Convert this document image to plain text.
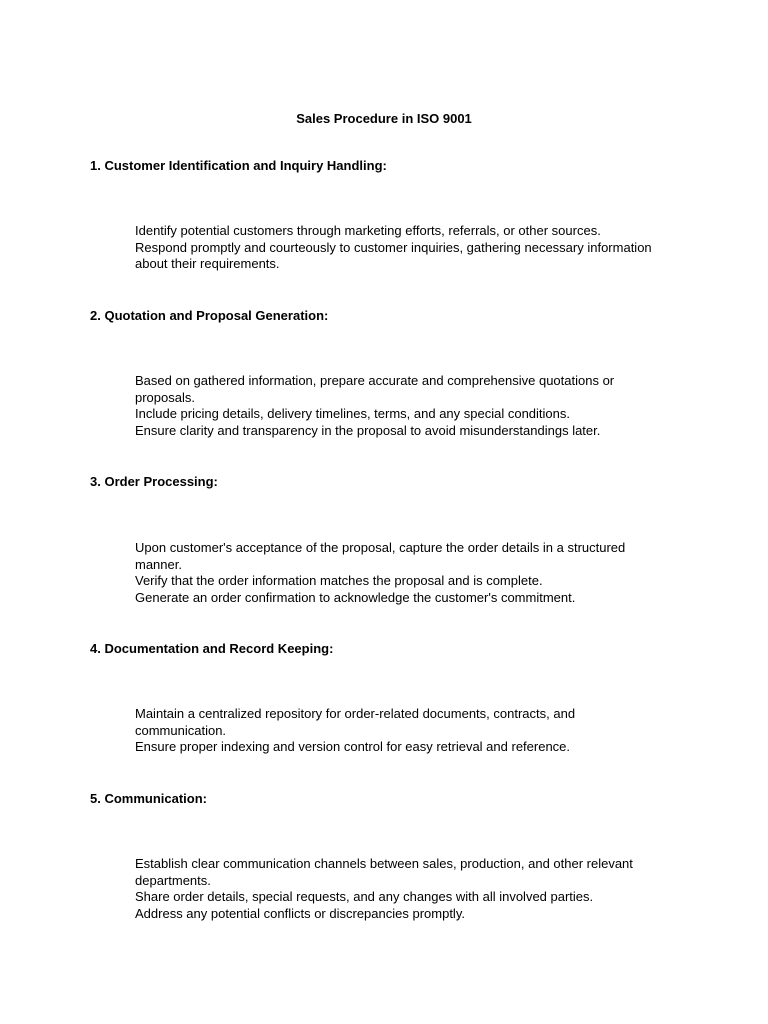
Sales Procedure in ISO 9001
1. Customer Identification and Inquiry Handling:

Identify potential customers through marketing efforts, referrals, or other sources.

Respond promptly and courteously to customer inquiries, gathering necessary information about their requirements.

2. Quotation and Proposal Generation:

Based on gathered information, prepare accurate and comprehensive quotations or proposals.

Include pricing details, delivery timelines, terms, and any special conditions.

Ensure clarity and transparency in the proposal to avoid misunderstandings later.

3. Order Processing:

Upon customer's acceptance of the proposal, capture the order details in a structured manner.

Verify that the order information matches the proposal and is complete.

Generate an order confirmation to acknowledge the customer's commitment.

4. Documentation and Record Keeping:

Maintain a centralized repository for order-related documents, contracts, and communication.

Ensure proper indexing and version control for easy retrieval and reference.

5. Communication:

Establish clear communication channels between sales, production, and other relevant departments.

Share order details, special requests, and any changes with all involved parties.

Address any potential conflicts or discrepancies promptly.
